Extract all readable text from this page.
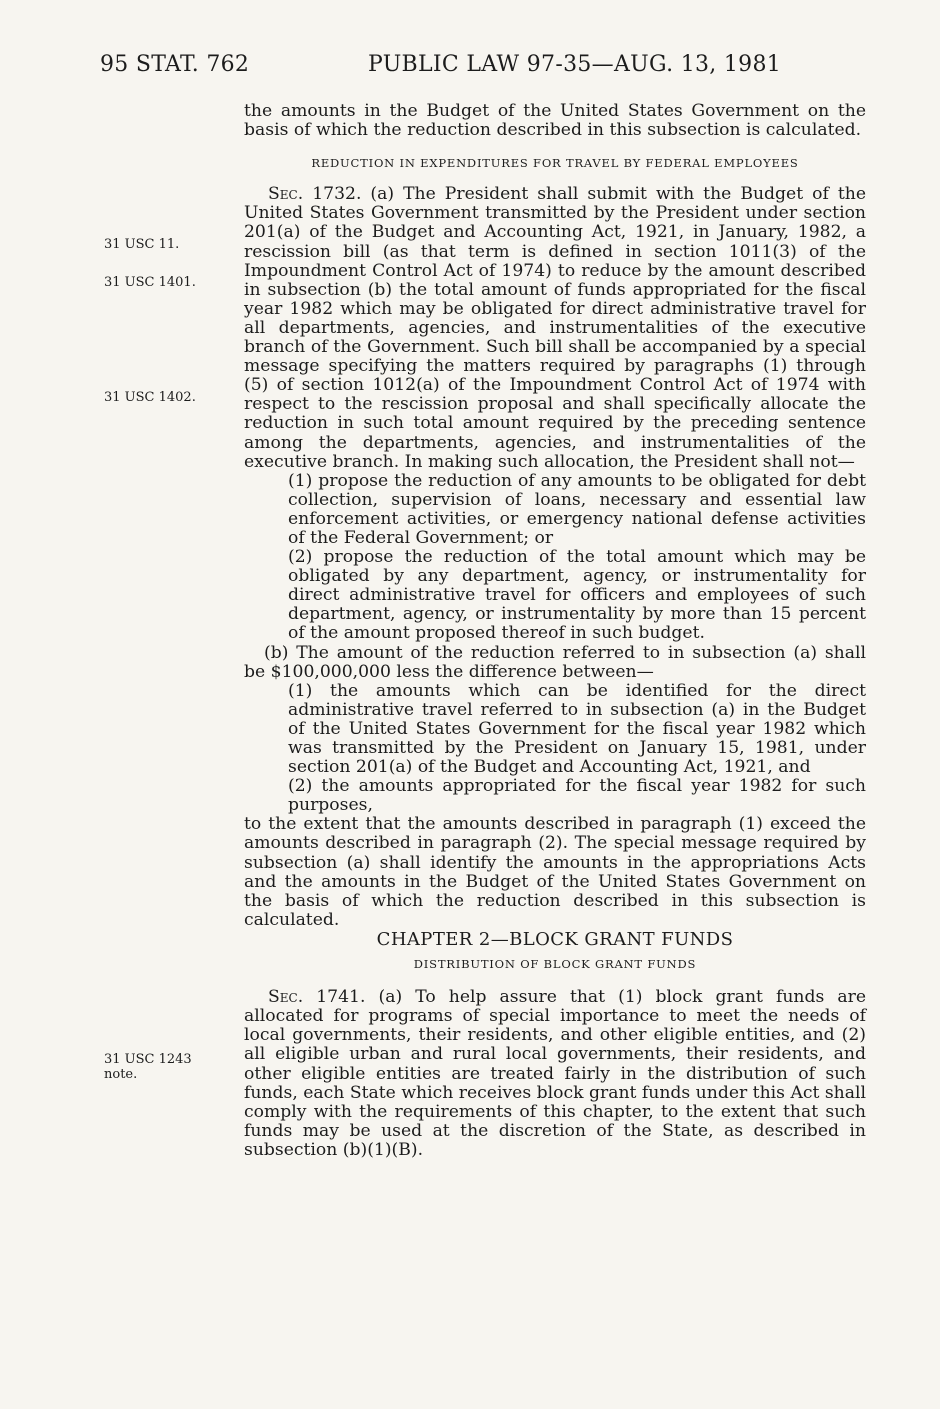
95 STAT. 762	PUBLIC LAW 97-35—AUG. 13, 1981
31 USC 11.
31 USC 1401.
31 USC 1402.
31 USC 1243 note.

the amounts in the Budget of the United States Government on the basis of which the reduction described in this subsection is calculated.

REDUCTION IN EXPENDITURES FOR TRAVEL BY FEDERAL EMPLOYEES

Sec. 1732. (a) The President shall submit with the Budget of the United States Government transmitted by the President under section 201(a) of the Budget and Accounting Act, 1921, in January, 1982, a rescission bill (as that term is defined in section 1011(3) of the Impoundment Control Act of 1974) to reduce by the amount described in subsection (b) the total amount of funds appropriated for the fiscal year 1982 which may be obligated for direct administrative travel for all departments, agencies, and instrumentalities of the executive branch of the Government. Such bill shall be accompanied by a special message specifying the matters required by paragraphs (1) through (5) of section 1012(a) of the Impoundment Control Act of 1974 with respect to the rescission proposal and shall specifically allocate the reduction in such total amount required by the preceding sentence among the departments, agencies, and instrumentalities of the executive branch. In making such allocation, the President shall not—

(1) propose the reduction of any amounts to be obligated for debt collection, supervision of loans, necessary and essential law enforcement activities, or emergency national defense activities of the Federal Government; or

(2) propose the reduction of the total amount which may be obligated by any department, agency, or instrumentality for direct administrative travel for officers and employees of such department, agency, or instrumentality by more than 15 percent of the amount proposed thereof in such budget.

(b) The amount of the reduction referred to in subsection (a) shall be $100,000,000 less the difference between—

(1) the amounts which can be identified for the direct administrative travel referred to in subsection (a) in the Budget of the United States Government for the fiscal year 1982 which was transmitted by the President on January 15, 1981, under section 201(a) of the Budget and Accounting Act, 1921, and

(2) the amounts appropriated for the fiscal year 1982 for such purposes,

to the extent that the amounts described in paragraph (1) exceed the amounts described in paragraph (2). The special message required by subsection (a) shall identify the amounts in the appropriations Acts and the amounts in the Budget of the United States Government on the basis of which the reduction described in this subsection is calculated.

CHAPTER 2—BLOCK GRANT FUNDS

DISTRIBUTION OF BLOCK GRANT FUNDS

Sec. 1741. (a) To help assure that (1) block grant funds are allocated for programs of special importance to meet the needs of local governments, their residents, and other eligible entities, and (2) all eligible urban and rural local governments, their residents, and other eligible entities are treated fairly in the distribution of such funds, each State which receives block grant funds under this Act shall comply with the requirements of this chapter, to the extent that such funds may be used at the discretion of the State, as described in subsection (b)(1)(B).
